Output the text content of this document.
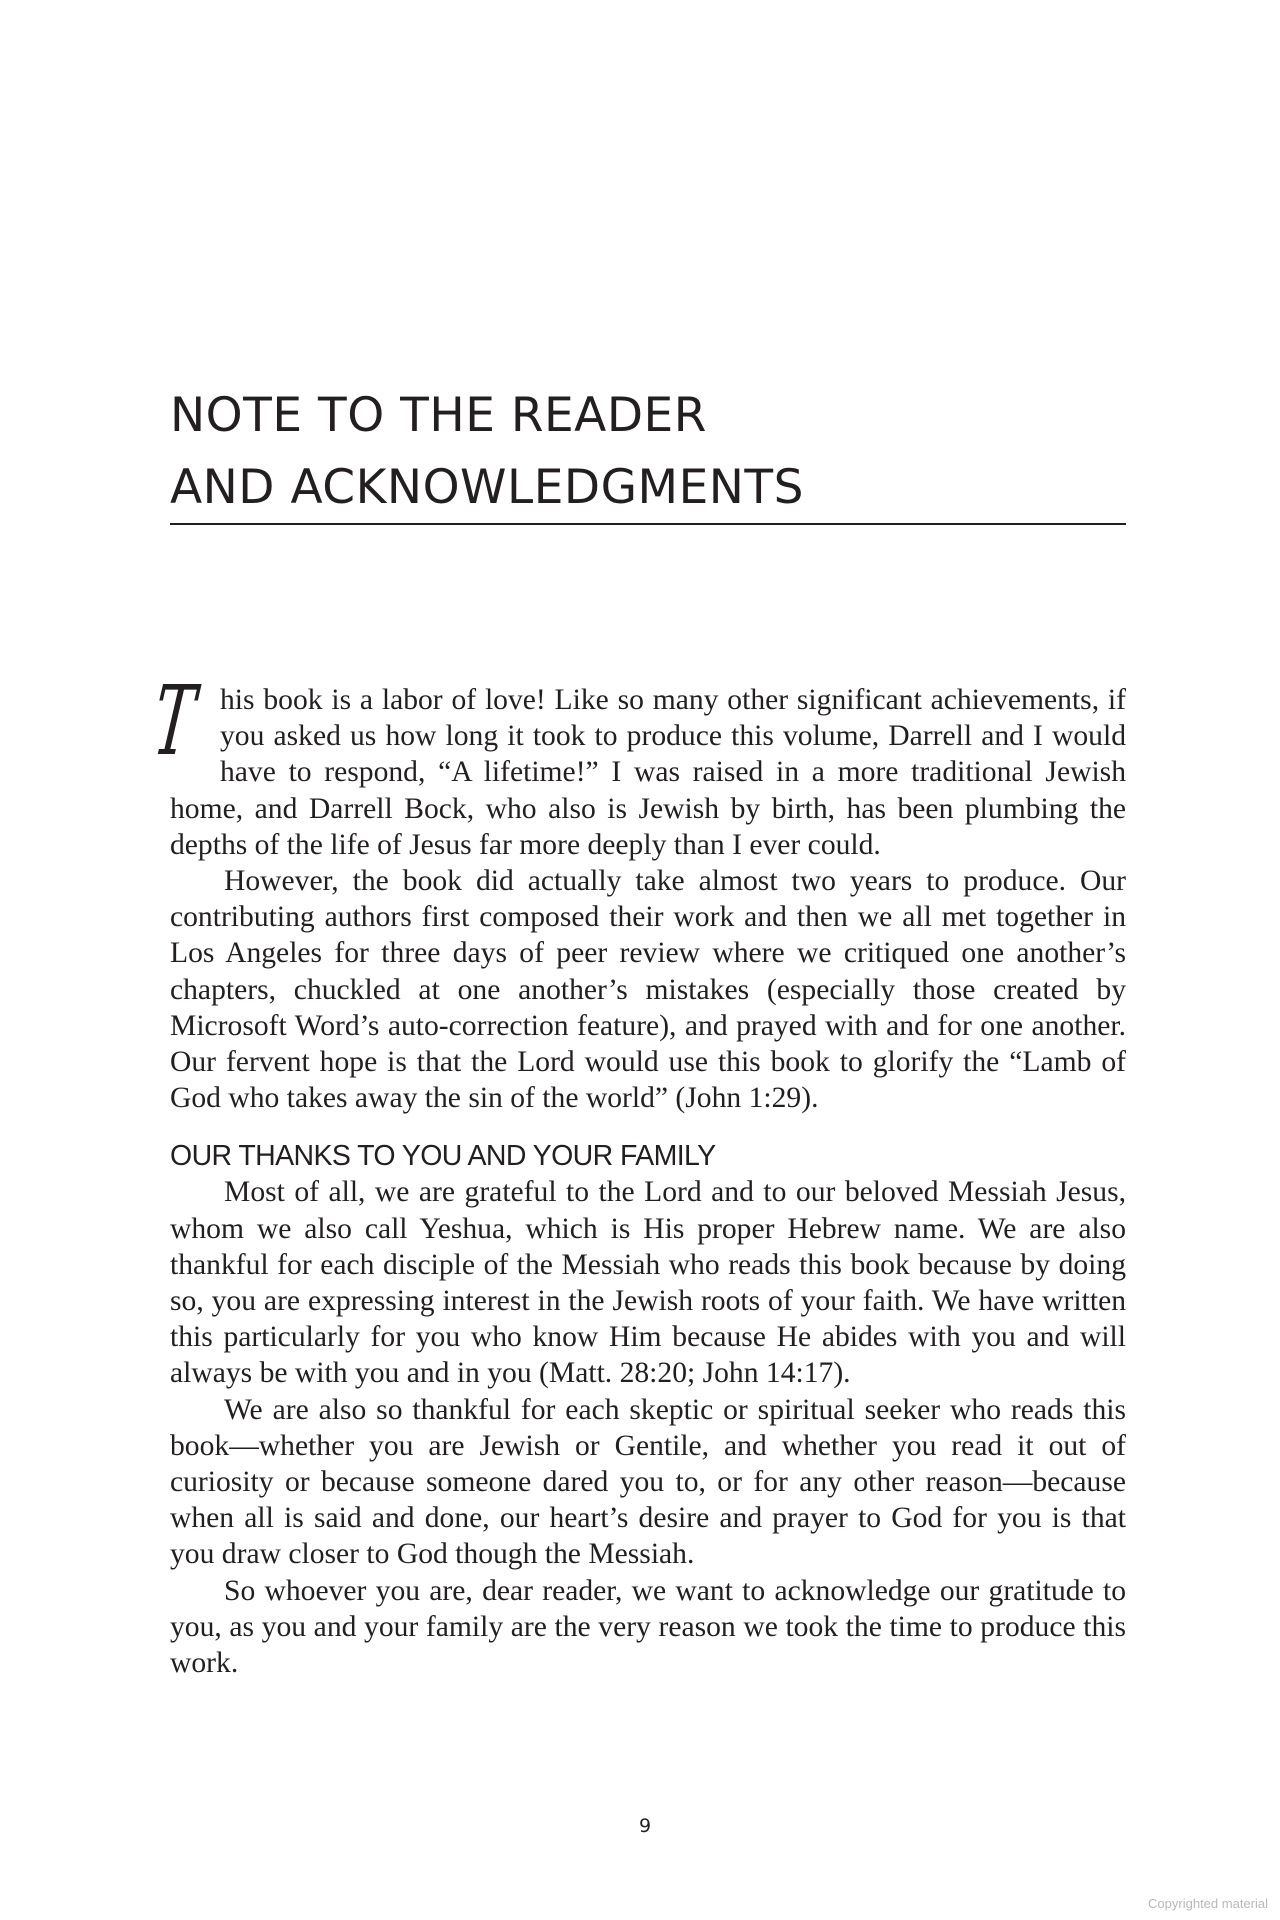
NOTE TO THE READER
AND ACKNOWLEDGMENTS

This book is a labor of love! Like so many other significant achievements, if you asked us how long it took to produce this volume, Darrell and I would have to respond, “A lifetime!” I was raised in a more traditional Jewish home, and Darrell Bock, who also is Jewish by birth, has been plumbing the depths of the life of Jesus far more deeply than I ever could.

However, the book did actually take almost two years to produce. Our contributing authors first composed their work and then we all met together in Los Angeles for three days of peer review where we critiqued one another’s chapters, chuckled at one another’s mistakes (especially those created by Microsoft Word’s auto-correction feature), and prayed with and for one another. Our fervent hope is that the Lord would use this book to glorify the “Lamb of God who takes away the sin of the world” (John 1:29).

OUR THANKS TO YOU AND YOUR FAMILY

Most of all, we are grateful to the Lord and to our beloved Messiah Jesus, whom we also call Yeshua, which is His proper Hebrew name. We are also thankful for each disciple of the Messiah who reads this book because by doing so, you are expressing interest in the Jewish roots of your faith. We have written this particularly for you who know Him because He abides with you and will always be with you and in you (Matt. 28:20; John 14:17).

We are also so thankful for each skeptic or spiritual seeker who reads this book—whether you are Jewish or Gentile, and whether you read it out of curiosity or because someone dared you to, or for any other reason—because when all is said and done, our heart’s desire and prayer to God for you is that you draw closer to God though the Messiah.

So whoever you are, dear reader, we want to acknowledge our gratitude to you, as you and your family are the very reason we took the time to produce this work.

9
Copyrighted material
